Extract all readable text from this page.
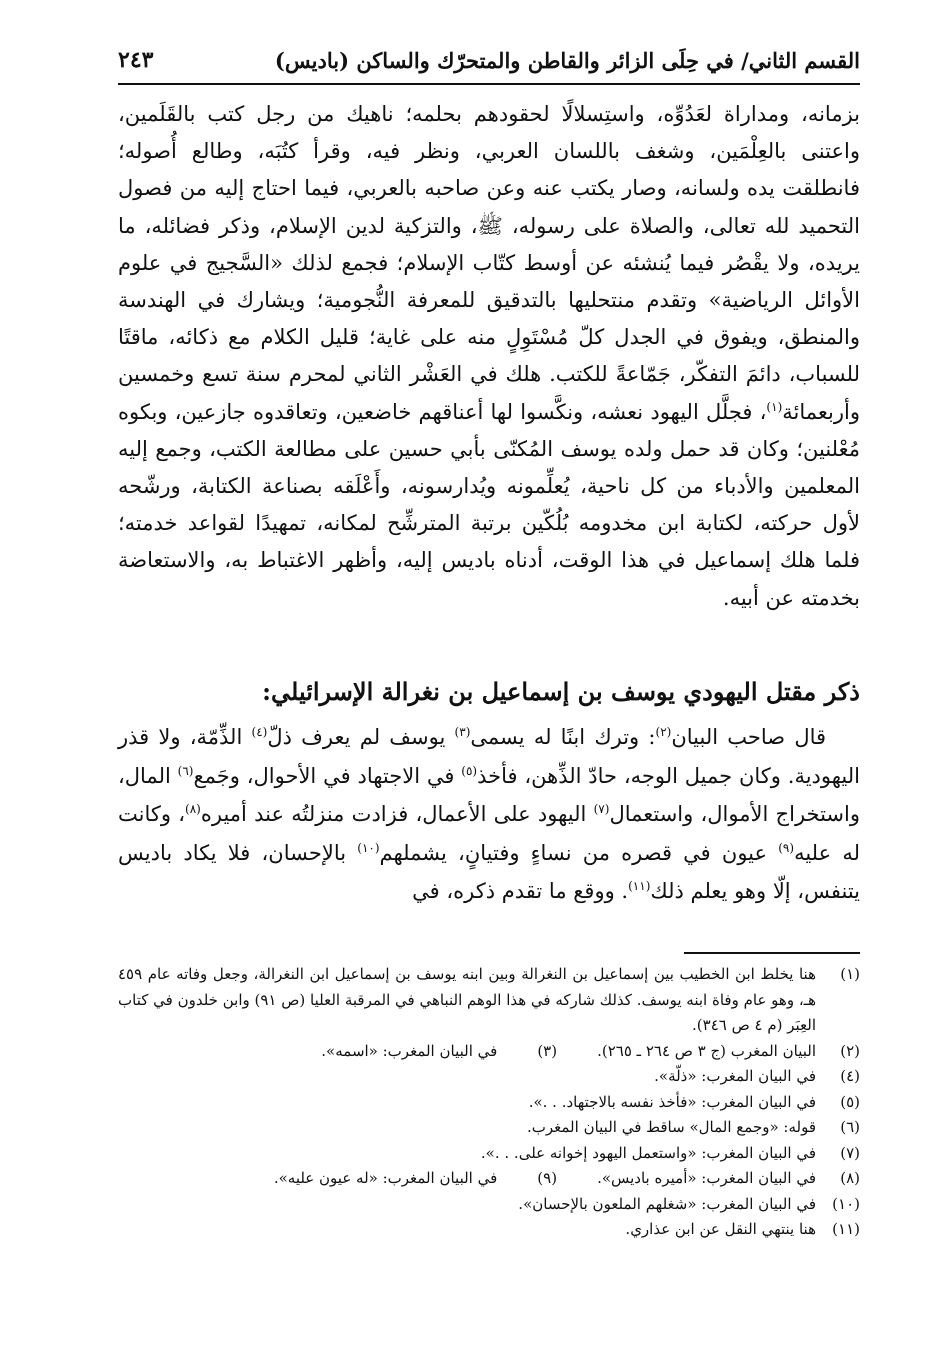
القسم الثاني/ في حِلَى الزائر والقاطن والمتحرّك والساكن (باديس)
٢٤٣

بزمانه، ومداراة لعَدُوِّه، واستِسلالًا لحقودهم بحلمه؛ ناهيك من رجل كتب بالقَلَمين، واعتنى بالعِلْمَين، وشغف باللسان العربي، ونظر فيه، وقرأ كتُبَه، وطالع أُصوله؛ فانطلقت يده ولسانه، وصار يكتب عنه وعن صاحبه بالعربي، فيما احتاج إليه من فصول التحميد لله تعالى، والصلاة على رسوله، ﷺ، والتزكية لدين الإسلام، وذكر فضائله، ما يريده، ولا يقْصُر فيما يُنشئه عن أوسط كتّاب الإسلام؛ فجمع لذلك «السَّجيج في علوم الأوائل الرياضية» وتقدم منتحليها بالتدقيق للمعرفة النُّجومية؛ ويشارك في الهندسة والمنطق، ويفوق في الجدل كلّ مُسْتَوِلٍ منه على غاية؛ قليل الكلام مع ذكائه، ماقتًا للسباب، دائمَ التفكّر، جَمّاعةً للكتب. هلك في العَشْر الثاني لمحرم سنة تسع وخمسين وأربعمائة$^{(١)}$، فجلَّل اليهود نعشه، ونكَّسوا لها أعناقهم خاضعين، وتعاقدوه جازعين، وبكوه مُعْلنين؛ وكان قد حمل ولده يوسف المُكنّى بأبي حسين على مطالعة الكتب، وجمع إليه المعلمين والأدباء من كل ناحية، يُعلِّمونه ويُدارسونه، وأَعْلَقه بصناعة الكتابة، ورشّحه لأول حركته، لكتابة ابن مخدومه بُلُكّين برتبة المترشِّح لمكانه، تمهيدًا لقواعد خدمته؛ فلما هلك إسماعيل في هذا الوقت، أدناه باديس إليه، وأظهر الاغتباط به، والاستعاضة بخدمته عن أبيه.

ذكر مقتل اليهودي يوسف بن إسماعيل بن نغرالة الإسرائيلي:

قال صاحب البيان$^{(٢)}$: وترك ابنًا له يسمى$^{(٣)}$ يوسف لم يعرف ذلّ$^{(٤)}$ الذِّمّة، ولا قذر اليهودية. وكان جميل الوجه، حادّ الذِّهن، فأخذ$^{(٥)}$ في الاجتهاد في الأحوال، وجَمع$^{(٦)}$ المال، واستخراج الأموال، واستعمال$^{(٧)}$ اليهود على الأعمال، فزادت منزلتُه عند أميره$^{(٨)}$، وكانت له عليه$^{(٩)}$ عيون في قصره من نساءٍ وفتيانٍ، يشملهم$^{(١٠)}$ بالإحسان، فلا يكاد باديس يتنفس، إلّا وهو يعلم ذلك$^{(١١)}$. ووقع ما تقدم ذكره، في

(١)
هنا يخلط ابن الخطيب بين إسماعيل بن النغرالة وبين ابنه يوسف بن إسماعيل ابن النغرالة، وجعل وفاته عام ٤٥٩ هـ، وهو عام وفاة ابنه يوسف. كذلك شاركه في هذا الوهم النباهي في المرقبة العليا (ص ٩١) وابن خلدون في كتاب العِبَر (م ٤ ص ٣٤٦).
(٢)
البيان المغرب (ج ٣ ص ٢٦٤ ـ ٢٦٥).
(٣)
في البيان المغرب: «اسمه».
(٤)
في البيان المغرب: «ذلّة».
(٥)
في البيان المغرب: «فأخذ نفسه بالاجتهاد. . .».
(٦)
قوله: «وجمع المال» ساقط في البيان المغرب.
(٧)
في البيان المغرب: «واستعمل اليهود إخوانه على. . .».
(٨)
في البيان المغرب: «أميره باديس».
(٩)
في البيان المغرب: «له عيون عليه».
(١٠)
في البيان المغرب: «شغلهم الملعون بالإحسان».
(١١)
هنا ينتهي النقل عن ابن عذاري.
